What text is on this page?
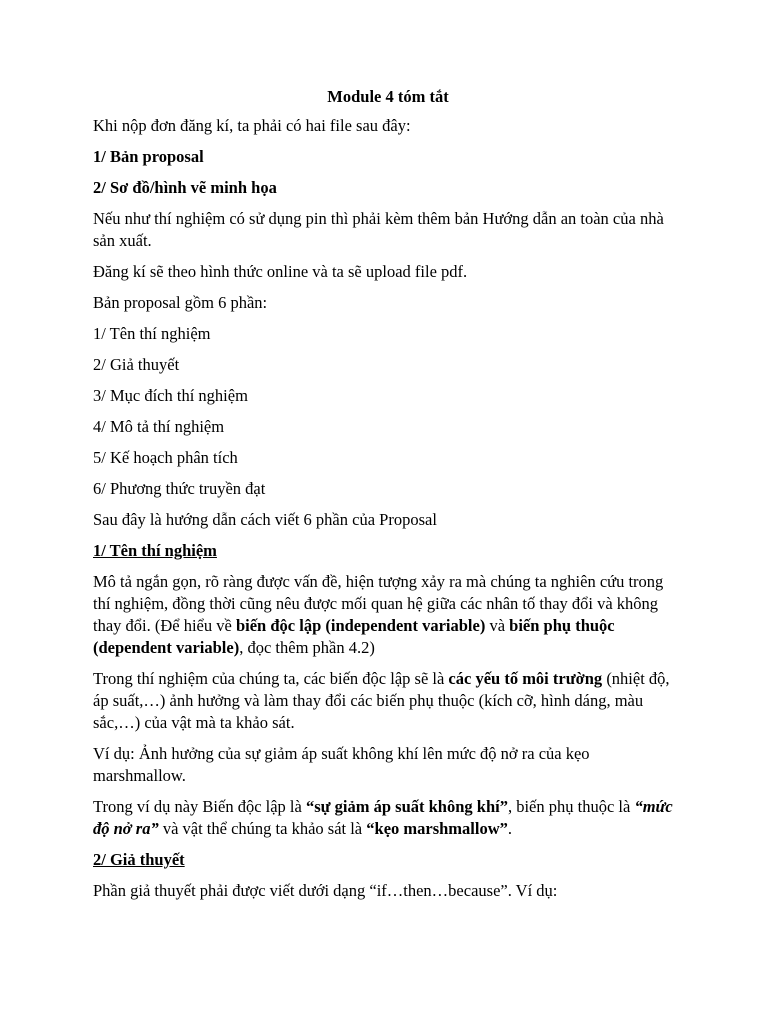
Module 4 tóm tắt

Khi nộp đơn đăng kí, ta phải có hai file sau đây:

1/ Bản proposal

2/ Sơ đồ/hình vẽ minh họa

Nếu như thí nghiệm có sử dụng pin thì phải kèm thêm bản Hướng dẫn an toàn của nhà sản xuất.

Đăng kí sẽ theo hình thức online và ta sẽ upload file pdf.

Bản proposal gồm 6 phần:

1/ Tên thí nghiệm

2/ Giả thuyết

3/ Mục đích thí nghiệm

4/ Mô tả thí nghiệm

5/ Kế hoạch phân tích

6/ Phương thức truyền đạt

Sau đây là hướng dẫn cách viết 6 phần của Proposal

1/ Tên thí nghiệm

Mô tả ngắn gọn, rõ ràng được vấn đề, hiện tượng xảy ra mà chúng ta nghiên cứu trong thí nghiệm, đồng thời cũng nêu được mối quan hệ giữa các nhân tố thay đổi và không thay đổi. (Để hiểu về biến độc lập (independent variable) và biến phụ thuộc (dependent variable), đọc thêm phần 4.2)

Trong thí nghiệm của chúng ta, các biến độc lập sẽ là các yếu tố môi trường (nhiệt độ, áp suất,…) ảnh hưởng và làm thay đổi các biến phụ thuộc (kích cỡ, hình dáng, màu sắc,…) của vật mà ta khảo sát.

Ví dụ: Ảnh hưởng của sự giảm áp suất không khí lên mức độ nở ra của kẹo marshmallow.

Trong ví dụ này Biến độc lập là “sự giảm áp suất không khí”, biến phụ thuộc là “mức độ nở ra” và vật thể chúng ta khảo sát là “kẹo marshmallow”.

2/ Giả thuyết

Phần giả thuyết phải được viết dưới dạng “if…then…because”. Ví dụ:
